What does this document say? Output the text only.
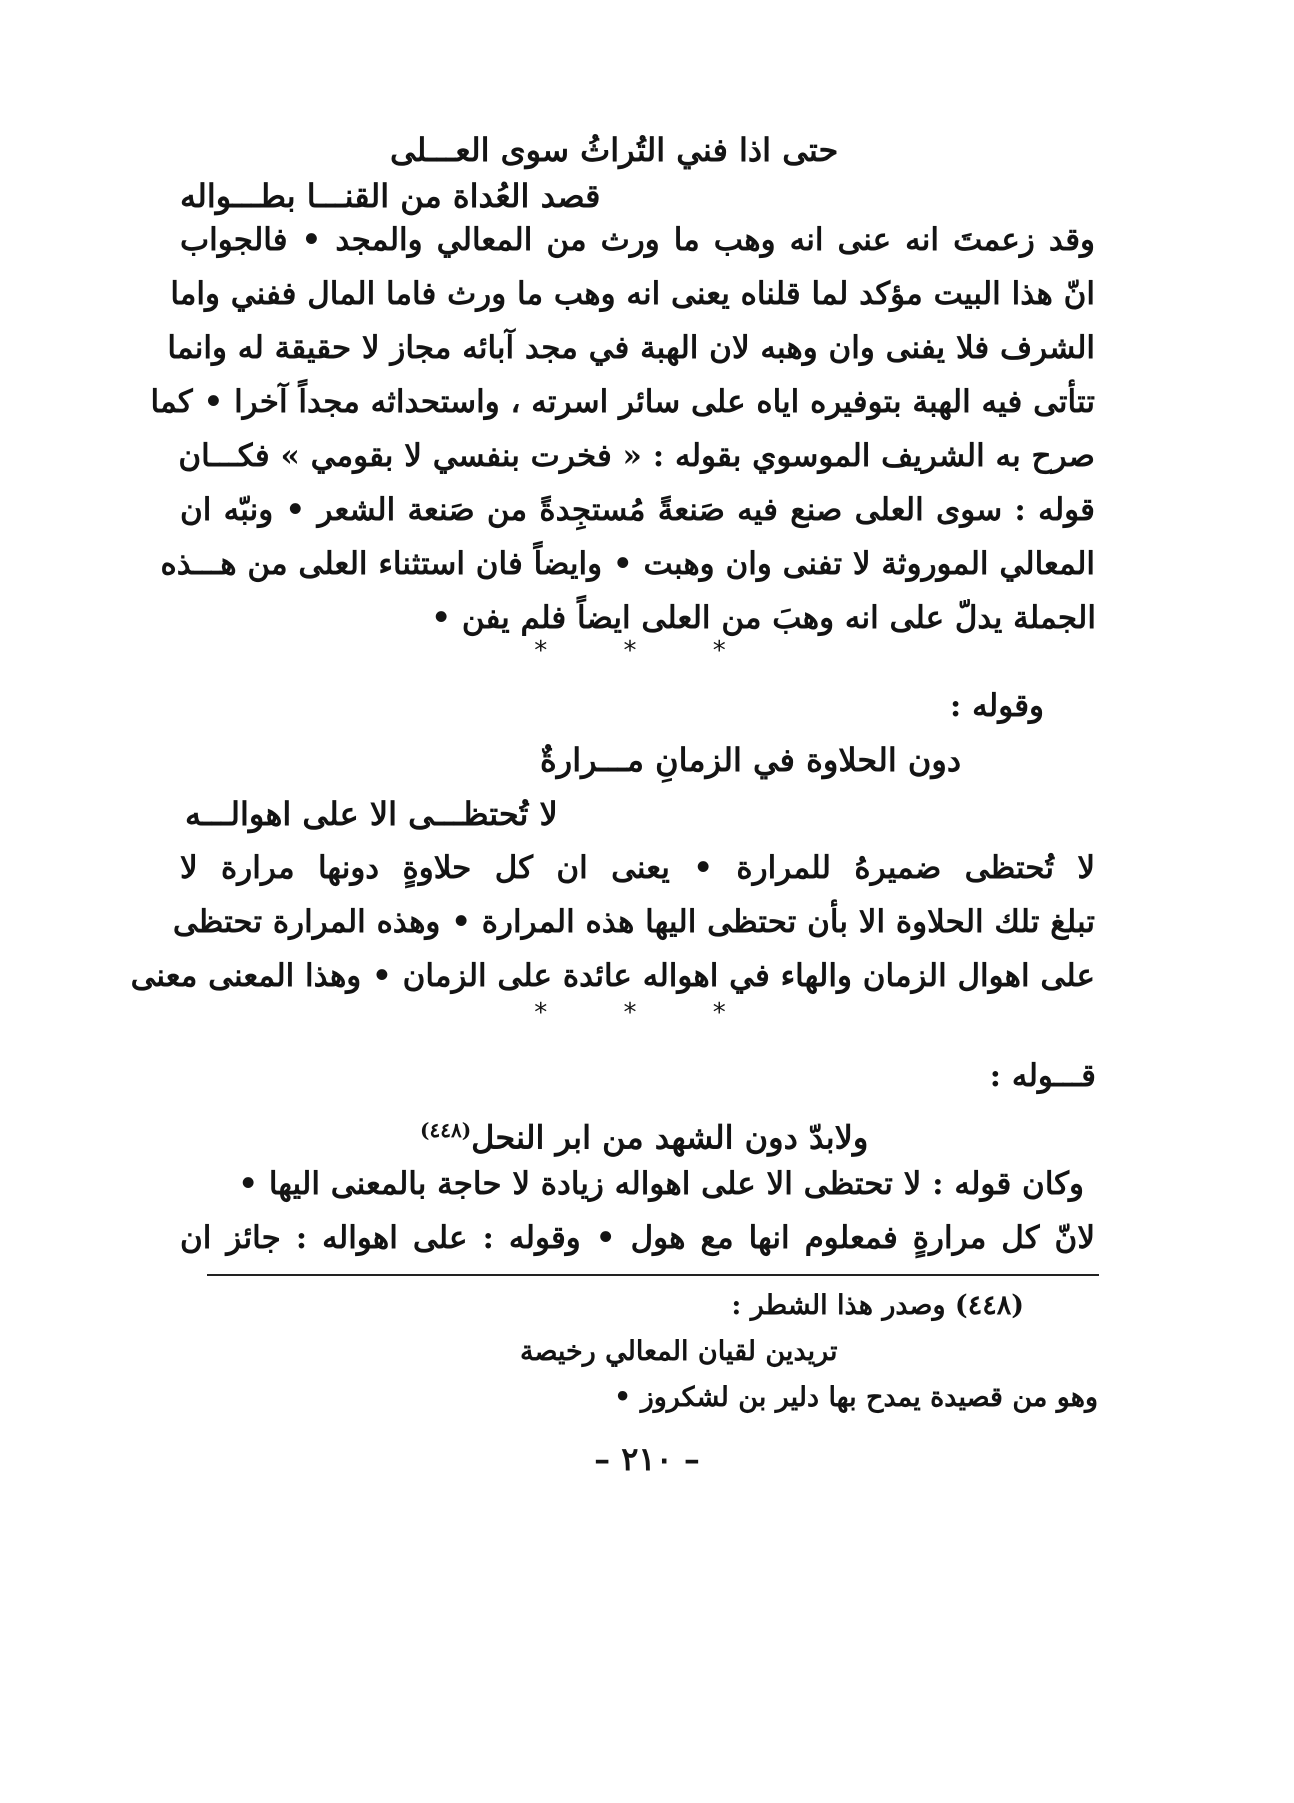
حتى اذا فني التُراثُ سوى العـــلى
قصد العُداة من القنـــا بطـــواله
وقد زعمتَ انه عنى انه وهب ما ورث من المعالي والمجد • فالجواب
انّ هذا البيت مؤكد لما قلناه يعنى انه وهب ما ورث فاما المال ففني واما
الشرف فلا يفنى وان وهبه لان الهبة في مجد آبائه مجاز لا حقيقة له وانما
تتأتى فيه الهبة بتوفيره اياه على سائر اسرته ، واستحداثه مجداً آخرا • كما
صرح به الشريف الموسوي بقوله : « فخرت بنفسي لا بقومي » فكـــان
قوله : سوى العلى صنع فيه صَنعةً مُستجِدةً من صَنعة الشعر • ونبّه ان
المعالي الموروثة لا تفنى وان وهبت • وايضاً فان استثناء العلى من هـــذه
الجملة يدلّ على انه وهبَ من العلى ايضاً فلم يفن •
* * *
وقوله :
دون الحلاوة في الزمانِ مـــرارةٌ
لا تُحتظـــى الا على اهوالـــه
لا تُحتظى ضميرهُ للمرارة • يعنى ان كل حلاوةٍ دونها مرارة لا
تبلغ تلك الحلاوة الا بأن تحتظى اليها هذه المرارة • وهذه المرارة تحتظى
على اهوال الزمان والهاء في اهواله عائدة على الزمان • وهذا المعنى معنى
* * *
قـــوله :
ولابدّ دون الشهد من ابر النحل$^{(٤٤٨)}$
وكان قوله : لا تحتظى الا على اهواله زيادة لا حاجة بالمعنى اليها •
لانّ كل مرارةٍ فمعلوم انها مع هول • وقوله : على اهواله : جائز ان
(٤٤٨) وصدر هذا الشطر :
تريدين لقيان المعالي رخيصة
وهو من قصيدة يمدح بها دلير بن لشكروز •
– ٢١٠ –
